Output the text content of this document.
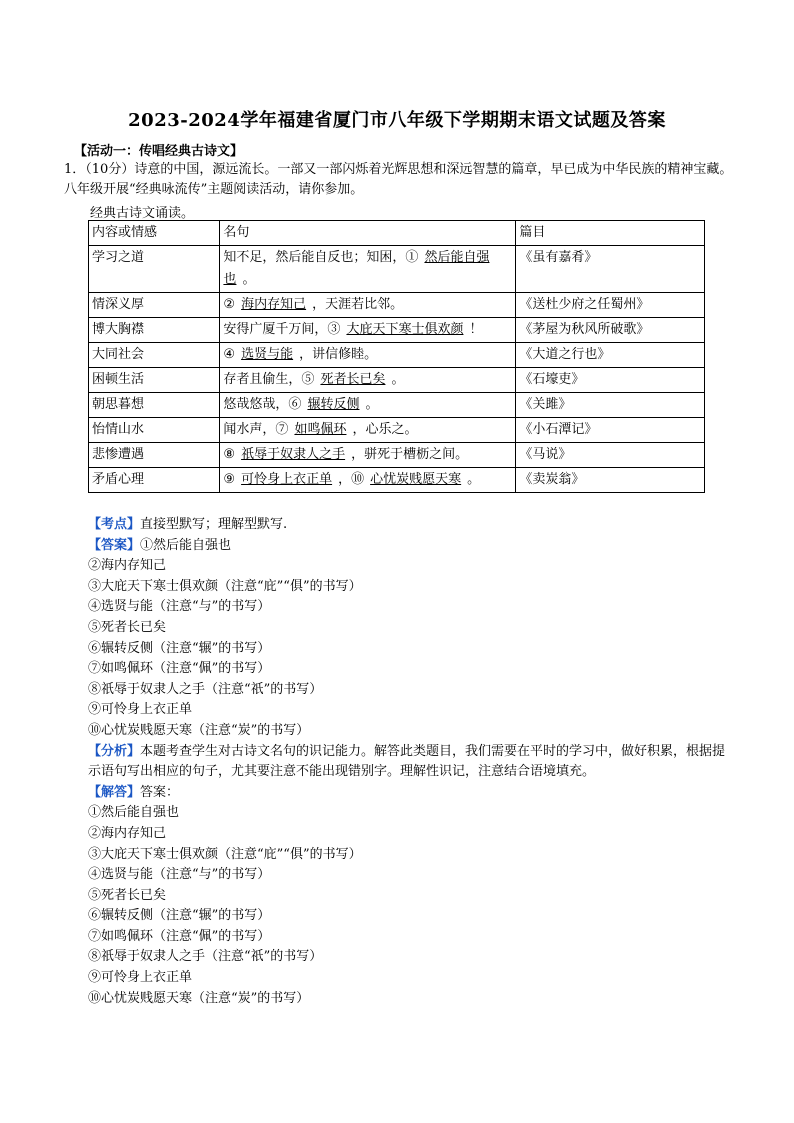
2023-2024学年福建省厦门市八年级下学期期末语文试题及答案
【活动一：传唱经典古诗文】
1．（10分）诗意的中国，源远流长。一部又一部闪烁着光辉思想和深远智慧的篇章，早已成为中华民族的精神宝藏。八年级开展“经典咏流传”主题阅读活动，请你参加。
经典古诗文诵读。
内容或情感	名句	篇目
学习之道	知不足，然后能自反也；知困，① 然后能自强也 。	《虽有嘉肴》
情深义厚	② 海内存知己 ，天涯若比邻。	《送杜少府之任蜀州》
博大胸襟	安得广厦千万间，③ 大庇天下寒士俱欢颜 ！	《茅屋为秋风所破歌》
大同社会	④ 选贤与能 ，讲信修睦。	《大道之行也》
困顿生活	存者且偷生，⑤ 死者长已矣 。	《石壕吏》
朝思暮想	悠哉悠哉，⑥ 辗转反侧 。	《关雎》
怡情山水	闻水声，⑦ 如鸣佩环 ，心乐之。	《小石潭记》
悲惨遭遇	⑧ 祇辱于奴隶人之手 ，骈死于槽枥之间。	《马说》
矛盾心理	⑨ 可怜身上衣正单 ，⑩ 心忧炭贱愿天寒 。	《卖炭翁》
【考点】直接型默写；理解型默写.
【答案】①然后能自强也
②海内存知己
③大庇天下寒士俱欢颜（注意“庇”“俱”的书写）
④选贤与能（注意“与”的书写）
⑤死者长已矣
⑥辗转反侧（注意“辗”的书写）
⑦如鸣佩环（注意“佩”的书写）
⑧祇辱于奴隶人之手（注意“祇”的书写）
⑨可怜身上衣正单
⑩心忧炭贱愿天寒（注意“炭”的书写）
【分析】本题考查学生对古诗文名句的识记能力。解答此类题目，我们需要在平时的学习中，做好积累，根据提示语句写出相应的句子，尤其要注意不能出现错别字。理解性识记，注意结合语境填充。
【解答】答案：
①然后能自强也
②海内存知己
③大庇天下寒士俱欢颜（注意“庇”“俱”的书写）
④选贤与能（注意“与”的书写）
⑤死者长已矣
⑥辗转反侧（注意“辗”的书写）
⑦如鸣佩环（注意“佩”的书写）
⑧祇辱于奴隶人之手（注意“祇”的书写）
⑨可怜身上衣正单
⑩心忧炭贱愿天寒（注意“炭”的书写）
